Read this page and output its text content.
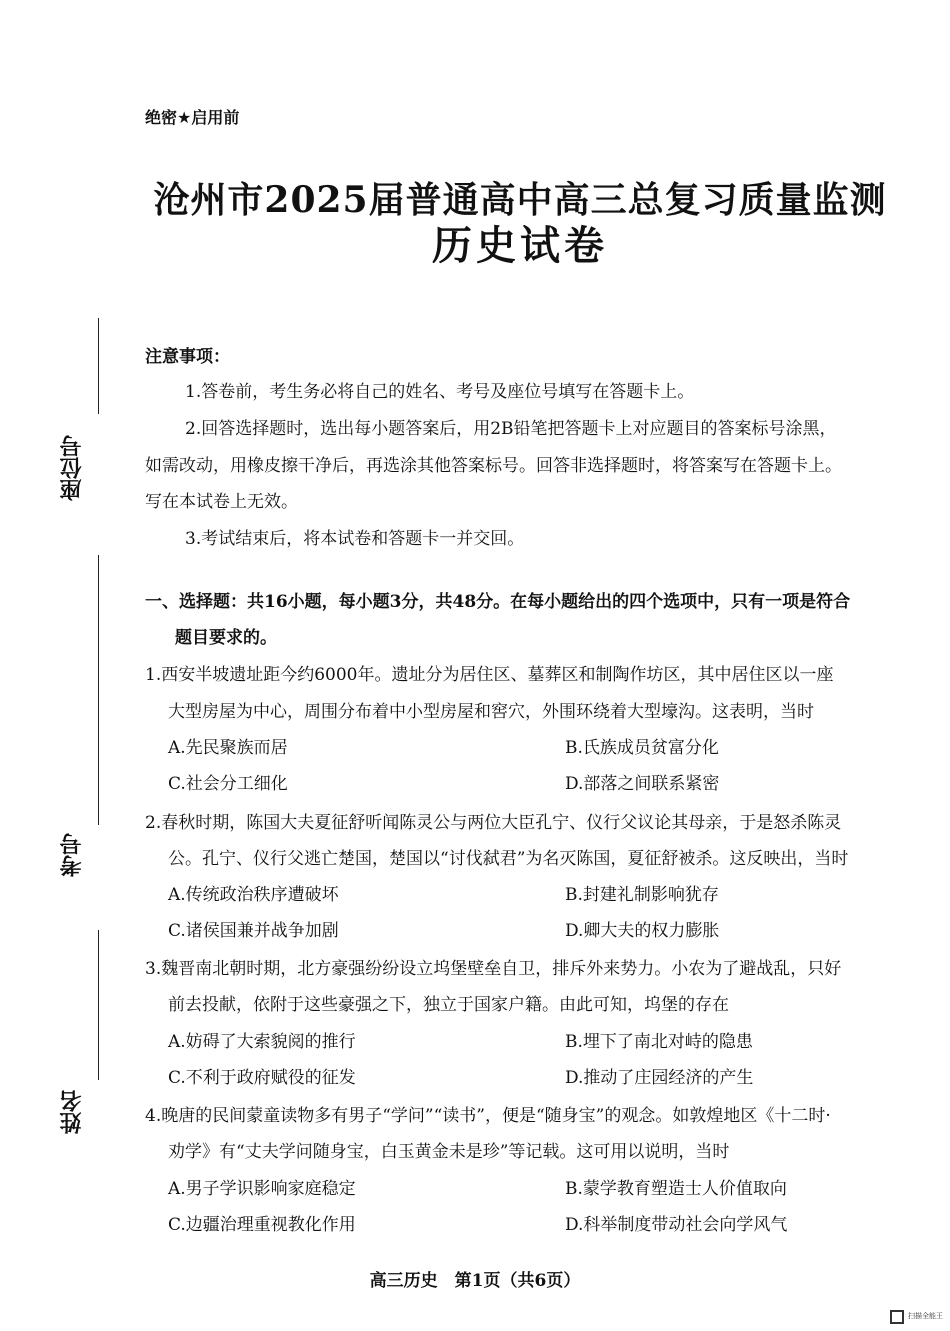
座位号
考号
姓名
绝密★启用前
沧州市2025届普通高中高三总复习质量监测
历史试卷
注意事项：
1.答卷前，考生务必将自己的姓名、考号及座位号填写在答题卡上。
2.回答选择题时，选出每小题答案后，用2B铅笔把答题卡上对应题目的答案标号涂黑，
如需改动，用橡皮擦干净后，再选涂其他答案标号。回答非选择题时，将答案写在答题卡上。
写在本试卷上无效。
3.考试结束后，将本试卷和答题卡一并交回。
一、选择题：共16小题，每小题3分，共48分。在每小题给出的四个选项中，只有一项是符合
题目要求的。
1.西安半坡遗址距今约6000年。遗址分为居住区、墓葬区和制陶作坊区，其中居住区以一座
大型房屋为中心，周围分布着中小型房屋和窖穴，外围环绕着大型壕沟。这表明，当时
A.先民聚族而居	B.氏族成员贫富分化
C.社会分工细化	D.部落之间联系紧密
2.春秋时期，陈国大夫夏征舒听闻陈灵公与两位大臣孔宁、仪行父议论其母亲，于是怒杀陈灵
公。孔宁、仪行父逃亡楚国，楚国以“讨伐弑君”为名灭陈国，夏征舒被杀。这反映出，当时
A.传统政治秩序遭破坏	B.封建礼制影响犹存
C.诸侯国兼并战争加剧	D.卿大夫的权力膨胀
3.魏晋南北朝时期，北方豪强纷纷设立坞堡壁垒自卫，排斥外来势力。小农为了避战乱，只好
前去投献，依附于这些豪强之下，独立于国家户籍。由此可知，坞堡的存在
A.妨碍了大索貌阅的推行	B.埋下了南北对峙的隐患
C.不利于政府赋役的征发	D.推动了庄园经济的产生
4.晚唐的民间蒙童读物多有男子“学问”“读书”，便是“随身宝”的观念。如敦煌地区《十二时·
劝学》有“丈夫学问随身宝，白玉黄金未是珍”等记载。这可用以说明，当时
A.男子学识影响家庭稳定	B.蒙学教育塑造士人价值取向
C.边疆治理重视教化作用	D.科举制度带动社会向学风气
高三历史　第1页（共6页）
扫描全能王
